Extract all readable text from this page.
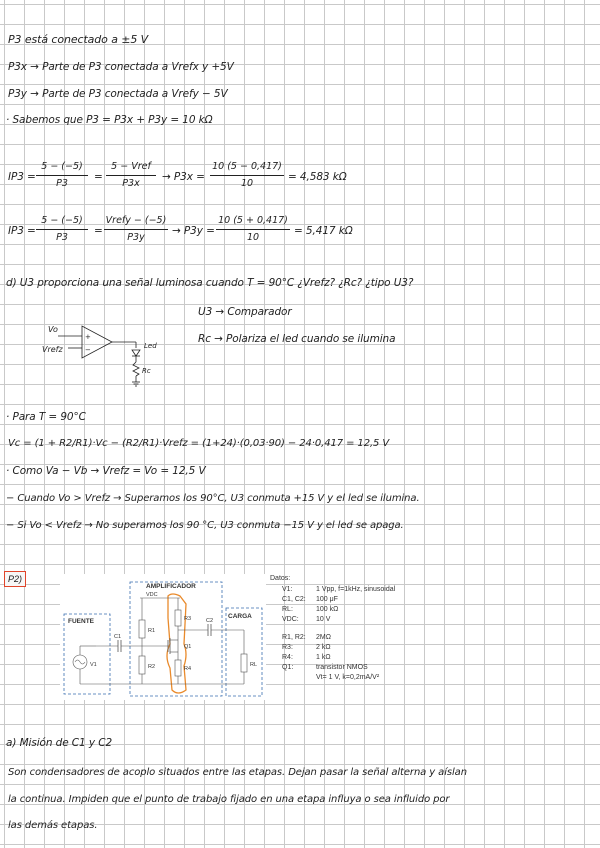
P3 está conectado a ±5 V
P3x → Parte de P3 conectada a Vrefx y +5V
P3y → Parte de P3 conectada a Vrefy − 5V
· Sabemos que P3 = P3x + P3y = 10 kΩ
IP3 =
5 − (−5)
P3
=
5 − Vref
P3x
→ P3x =
10 (5 − 0,417)
10
= 4,583 kΩ
IP3 =
5 − (−5)
P3
=
Vrefy − (−5)
P3y
→ P3y =
10 (5 + 0,417)
10
= 5,417 kΩ
d) U3 proporciona una señal luminosa cuando T = 90°C ¿Vrefz? ¿Rc? ¿tipo U3?
U3 → Comparador
Rc → Polariza el led cuando se ilumina
Vo
Vrefz
+
−	Led
Rc
· Para T = 90°C
Vc = (1 + R2/R1)·Vc − (R2/R1)·Vrefz = (1+24)·(0,03·90) − 24·0,417 = 12,5 V
· Como Va − Vb → Vrefz = Vo = 12,5 V
− Cuando Vo > Vrefz → Superamos los 90°C, U3 conmuta +15 V y el led se ilumina.
− Si Vo < Vrefz → No superamos los 90 °C, U3 conmuta −15 V y el led se apaga.
P2)
FUENTE
AMPLIFICADOR
CARGA
VDC
R1
R2
R3
R4
Q1
C1
C2
RL
V1
Datos:
V1:	1 Vpp, f=1kHz, sinusoidal
C1, C2: 100 μF
RL:	100 kΩ
VDC: 10 V
R1, R2: 2MΩ
R3:	2 kΩ
R4:	1 kΩ
Q1:	transistor NMOS
Vt= 1 V, k=0,2mA/V²
a) Misión de C1 y C2
Son condensadores de acoplo situados entre las etapas. Dejan pasar la señal alterna y aíslan
la continua. Impiden que el punto de trabajo fijado en una etapa influya o sea influido por
las demás etapas.
